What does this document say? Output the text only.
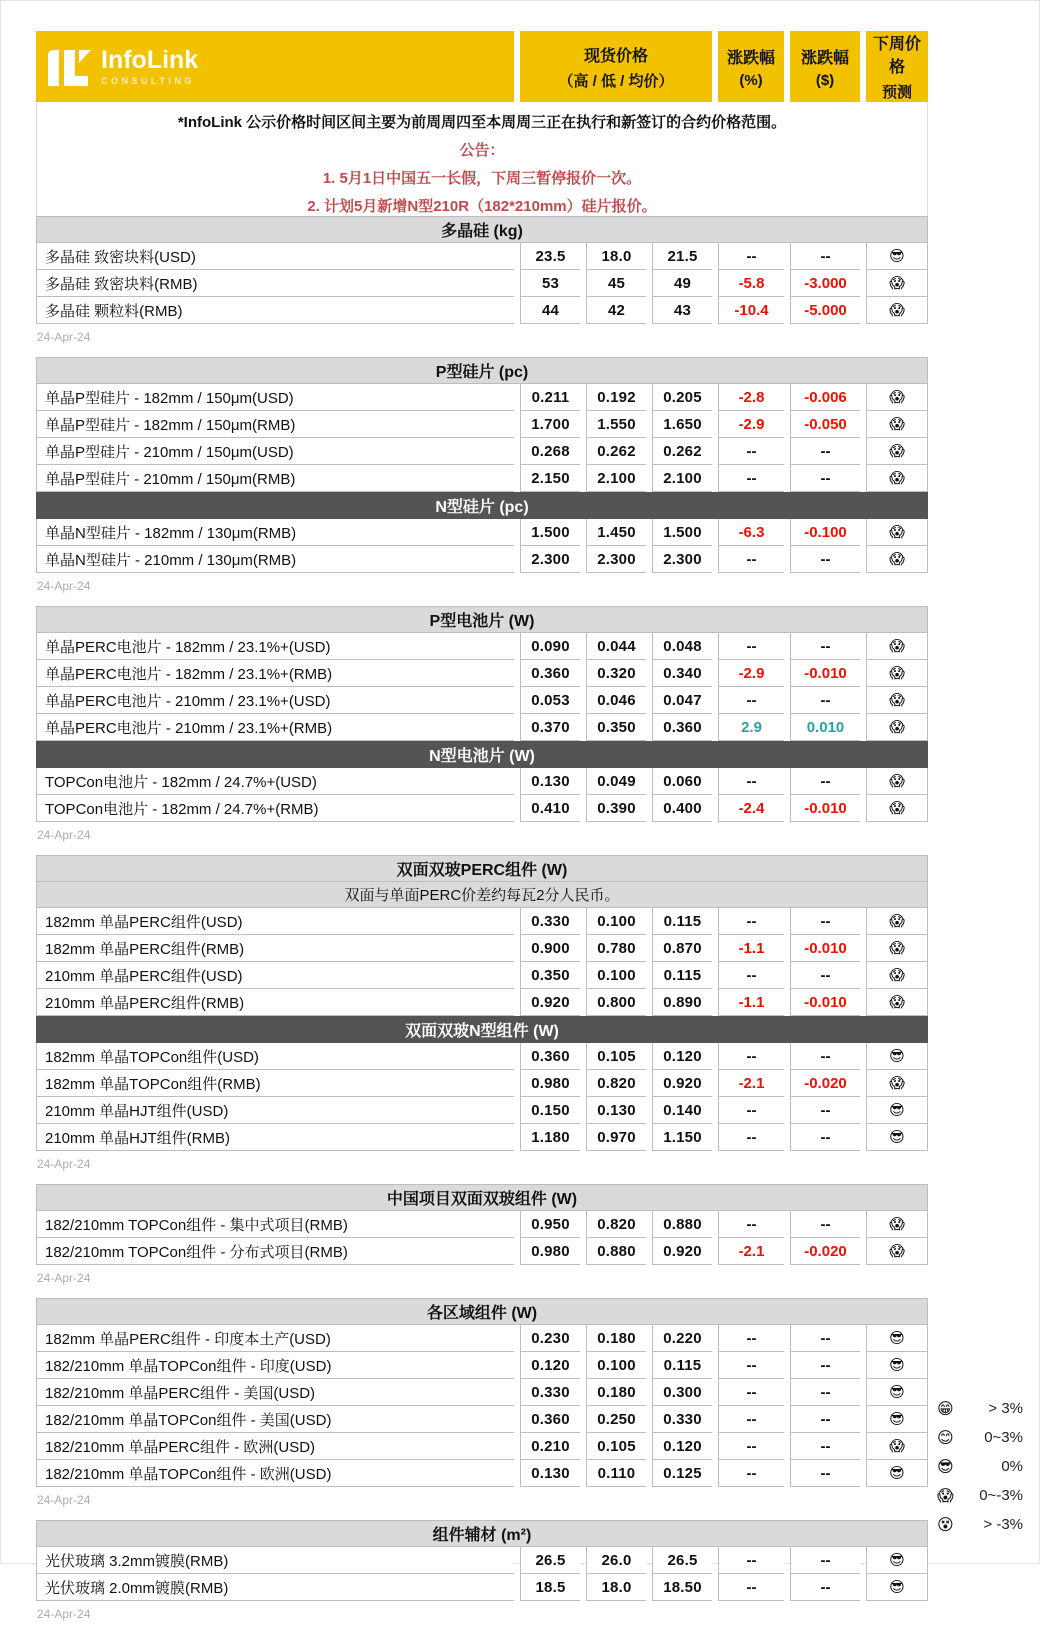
InfoLink
CONSULTING

现货价格
（高 / 低 / 均价）

涨跌幅
(%)

涨跌幅
($)

下周价格
预测

*InfoLink 公示价格时间区间主要为前周周四至本周周三正在执行和新签订的合约价格范围。
公告：
1. 5月1日中国五一长假，下周三暂停报价一次。
2. 计划5月新增N型210R（182*210mm）硅片报价。						

多晶硅 (kg)						
多晶硅 致密块料(USD)	23.5	18.0	21.5	--	--	😎
多晶硅 致密块料(RMB)	53	45	49	-5.8	-3.000	😱
多晶硅 颗粒料(RMB)	44	42	43	-10.4	-5.000	😱
24-Apr-24						
P型硅片 (pc)						
单晶P型硅片 - 182mm / 150μm(USD)	0.211	0.192	0.205	-2.8	-0.006	😱
单晶P型硅片 - 182mm / 150μm(RMB)	1.700	1.550	1.650	-2.9	-0.050	😱
单晶P型硅片 - 210mm / 150μm(USD)	0.268	0.262	0.262	--	--	😱
单晶P型硅片 - 210mm / 150μm(RMB)	2.150	2.100	2.100	--	--	😱
N型硅片 (pc)						
单晶N型硅片 - 182mm / 130μm(RMB)	1.500	1.450	1.500	-6.3	-0.100	😱
单晶N型硅片 - 210mm / 130μm(RMB)	2.300	2.300	2.300	--	--	😱
24-Apr-24						
P型电池片 (W)						
单晶PERC电池片 - 182mm / 23.1%+(USD)	0.090	0.044	0.048	--	--	😱
单晶PERC电池片 - 182mm / 23.1%+(RMB)	0.360	0.320	0.340	-2.9	-0.010	😱
单晶PERC电池片 - 210mm / 23.1%+(USD)	0.053	0.046	0.047	--	--	😱
单晶PERC电池片 - 210mm / 23.1%+(RMB)	0.370	0.350	0.360	2.9	0.010	😱
N型电池片 (W)						
TOPCon电池片 - 182mm / 24.7%+(USD)	0.130	0.049	0.060	--	--	😱
TOPCon电池片 - 182mm / 24.7%+(RMB)	0.410	0.390	0.400	-2.4	-0.010	😱
24-Apr-24						
双面双玻PERC组件 (W)						
双面与单面PERC价差约每瓦2分人民币。						
182mm 单晶PERC组件(USD)	0.330	0.100	0.115	--	--	😱
182mm 单晶PERC组件(RMB)	0.900	0.780	0.870	-1.1	-0.010	😱
210mm 单晶PERC组件(USD)	0.350	0.100	0.115	--	--	😱
210mm 单晶PERC组件(RMB)	0.920	0.800	0.890	-1.1	-0.010	😱
双面双玻N型组件 (W)						
182mm 单晶TOPCon组件(USD)	0.360	0.105	0.120	--	--	😎
182mm 单晶TOPCon组件(RMB)	0.980	0.820	0.920	-2.1	-0.020	😱
210mm 单晶HJT组件(USD)	0.150	0.130	0.140	--	--	😎
210mm 单晶HJT组件(RMB)	1.180	0.970	1.150	--	--	😎
24-Apr-24						
中国项目双面双玻组件 (W)						
182/210mm TOPCon组件 - 集中式项目(RMB)	0.950	0.820	0.880	--	--	😱
182/210mm TOPCon组件 - 分布式项目(RMB)	0.980	0.880	0.920	-2.1	-0.020	😱
24-Apr-24						
各区域组件 (W)						
182mm 单晶PERC组件 - 印度本土产(USD)	0.230	0.180	0.220	--	--	😎
182/210mm 单晶TOPCon组件 - 印度(USD)	0.120	0.100	0.115	--	--	😎
182/210mm 单晶PERC组件 - 美国(USD)	0.330	0.180	0.300	--	--	😎
182/210mm 单晶TOPCon组件 - 美国(USD)	0.360	0.250	0.330	--	--	😎
182/210mm 单晶PERC组件 - 欧洲(USD)	0.210	0.105	0.120	--	--	😱
182/210mm 单晶TOPCon组件 - 欧洲(USD)	0.130	0.110	0.125	--	--	😎
24-Apr-24						
组件辅材 (m²)						
光伏玻璃 3.2mm镀膜(RMB)	26.5	26.0	26.5	--	--	😎
光伏玻璃 2.0mm镀膜(RMB)	18.5	18.0	18.50	--	--	😎
24-Apr-24						
😁 > 3%
😊 0~3%
😎	0%
😱 0~-3%
😵 > -3%
